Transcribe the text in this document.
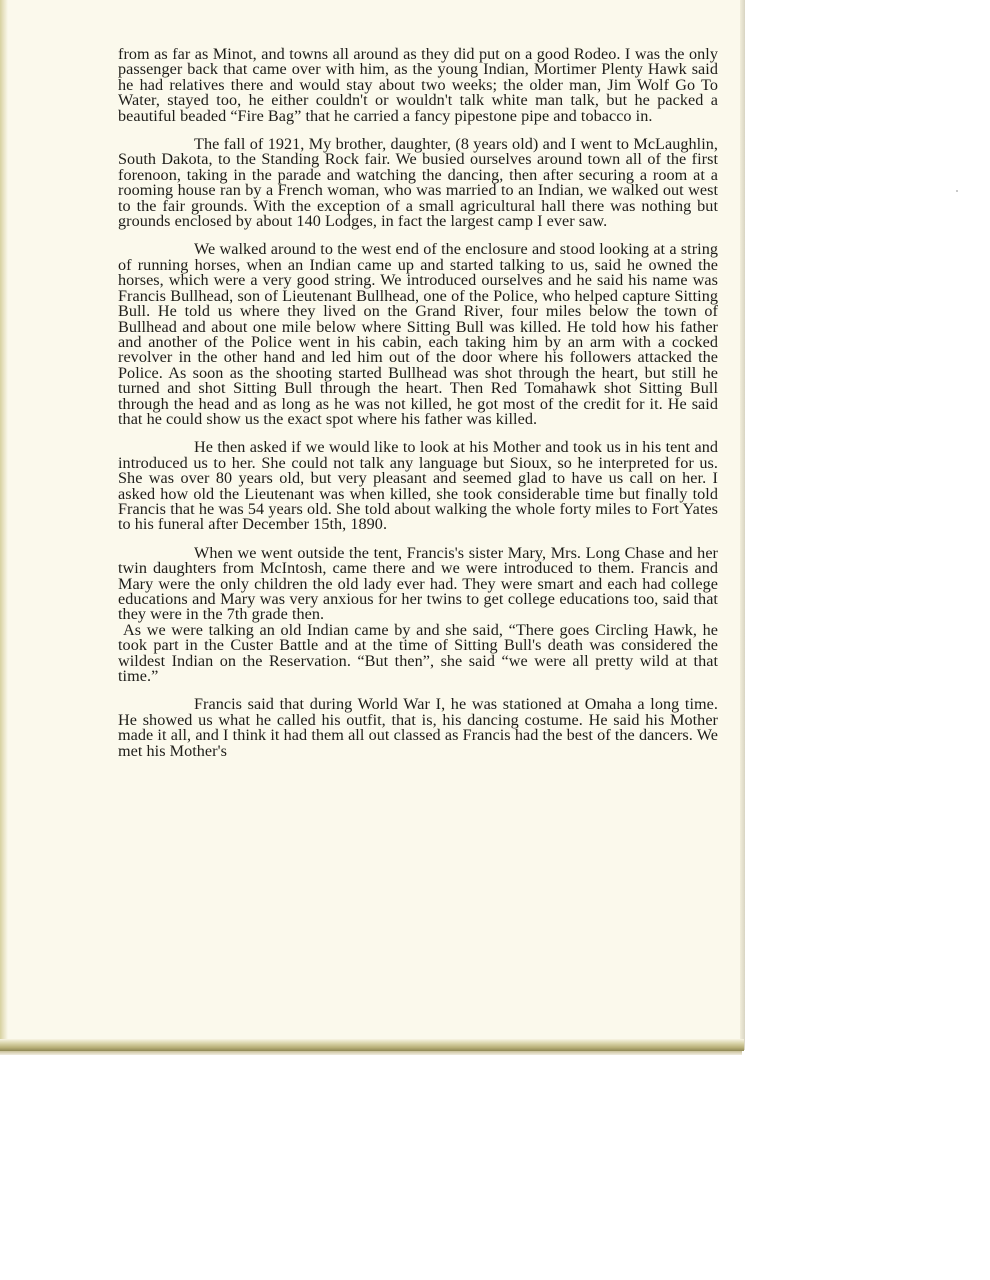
from as far as Minot, and towns all around as they did put on a good Rodeo. I was the only passenger back that came over with him, as the young Indian, Mortimer Plenty Hawk said he had relatives there and would stay about two weeks; the older man, Jim Wolf Go To Water, stayed too, he either couldn't or wouldn't talk white man talk, but he packed a beautiful beaded “Fire Bag” that he carried a fancy pipestone pipe and tobacco in.

The fall of 1921, My brother, daughter, (8 years old) and I went to McLaughlin, South Dakota, to the Standing Rock fair. We busied ourselves around town all of the first forenoon, taking in the parade and watching the dancing, then after securing a room at a rooming house ran by a French woman, who was married to an Indian, we walked out west to the fair grounds. With the exception of a small agricultural hall there was nothing but grounds enclosed by about 140 Lodges, in fact the largest camp I ever saw.

We walked around to the west end of the enclosure and stood looking at a string of running horses, when an Indian came up and started talking to us, said he owned the horses, which were a very good string. We introduced ourselves and he said his name was Francis Bullhead, son of Lieutenant Bullhead, one of the Police, who helped capture Sitting Bull. He told us where they lived on the Grand River, four miles below the town of Bullhead and about one mile below where Sitting Bull was killed. He told how his father and another of the Police went in his cabin, each taking him by an arm with a cocked revolver in the other hand and led him out of the door where his followers attacked the Police. As soon as the shooting started Bullhead was shot through the heart, but still he turned and shot Sitting Bull through the heart. Then Red Tomahawk shot Sitting Bull through the head and as long as he was not killed, he got most of the credit for it. He said that he could show us the exact spot where his father was killed.

He then asked if we would like to look at his Mother and took us in his tent and introduced us to her. She could not talk any language but Sioux, so he interpreted for us. She was over 80 years old, but very pleasant and seemed glad to have us call on her. I asked how old the Lieutenant was when killed, she took considerable time but finally told Francis that he was 54 years old. She told about walking the whole forty miles to Fort Yates to his funeral after December 15th, 1890.

When we went outside the tent, Francis's sister Mary, Mrs. Long Chase and her twin daughters from McIntosh, came there and we were introduced to them. Francis and Mary were the only children the old lady ever had. They were smart and each had college educations and Mary was very anxious for her twins to get college educations too, said that they were in the 7th grade then.

As we were talking an old Indian came by and she said, “There goes Circling Hawk, he took part in the Custer Battle and at the time of Sitting Bull's death was considered the wildest Indian on the Reservation. “But then”, she said “we were all pretty wild at that time.”

Francis said that during World War I, he was stationed at Omaha a long time. He showed us what he called his outfit, that is, his dancing costume. He said his Mother made it all, and I think it had them all out classed as Francis had the best of the dancers. We met his Mother's
